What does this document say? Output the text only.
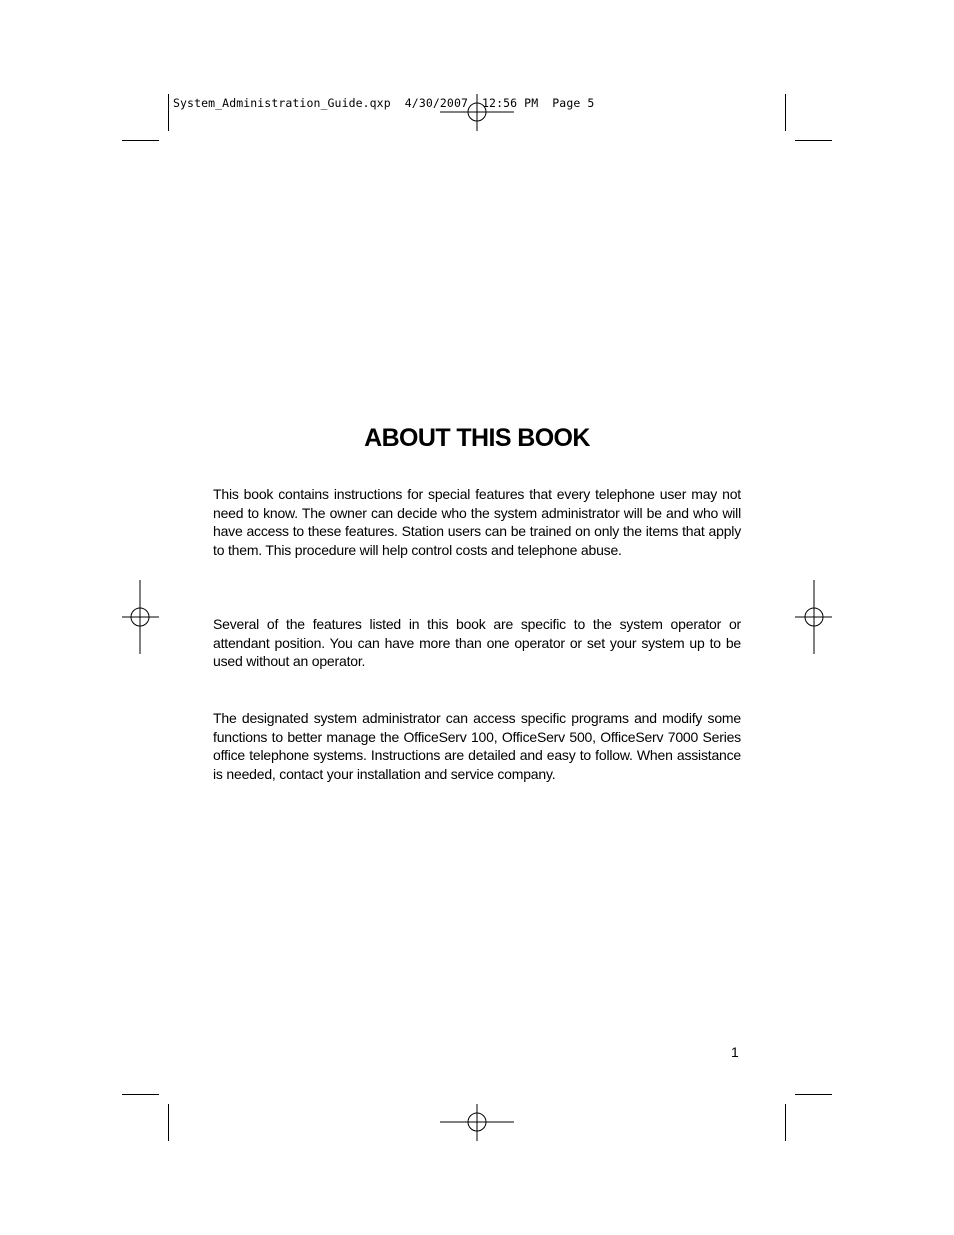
System_Administration_Guide.qxp  4/30/2007  12:56 PM  Page 5
ABOUT THIS BOOK

This book contains instructions for special features that every telephone user may not need to know. The owner can decide who the system administrator will be and who will have access to these features. Station users can be trained on only the items that apply to them. This procedure will help control costs and telephone abuse.

Several of the features listed in this book are specific to the system operator or attendant position. You can have more than one operator or set your system up to be used without an operator.

The designated system administrator can access specific programs and modify some functions to better manage the OfficeServ 100, OfficeServ 500, OfficeServ 7000 Series office telephone systems. Instructions are detailed and easy to follow. When assistance is needed, contact your installation and service company.

1
